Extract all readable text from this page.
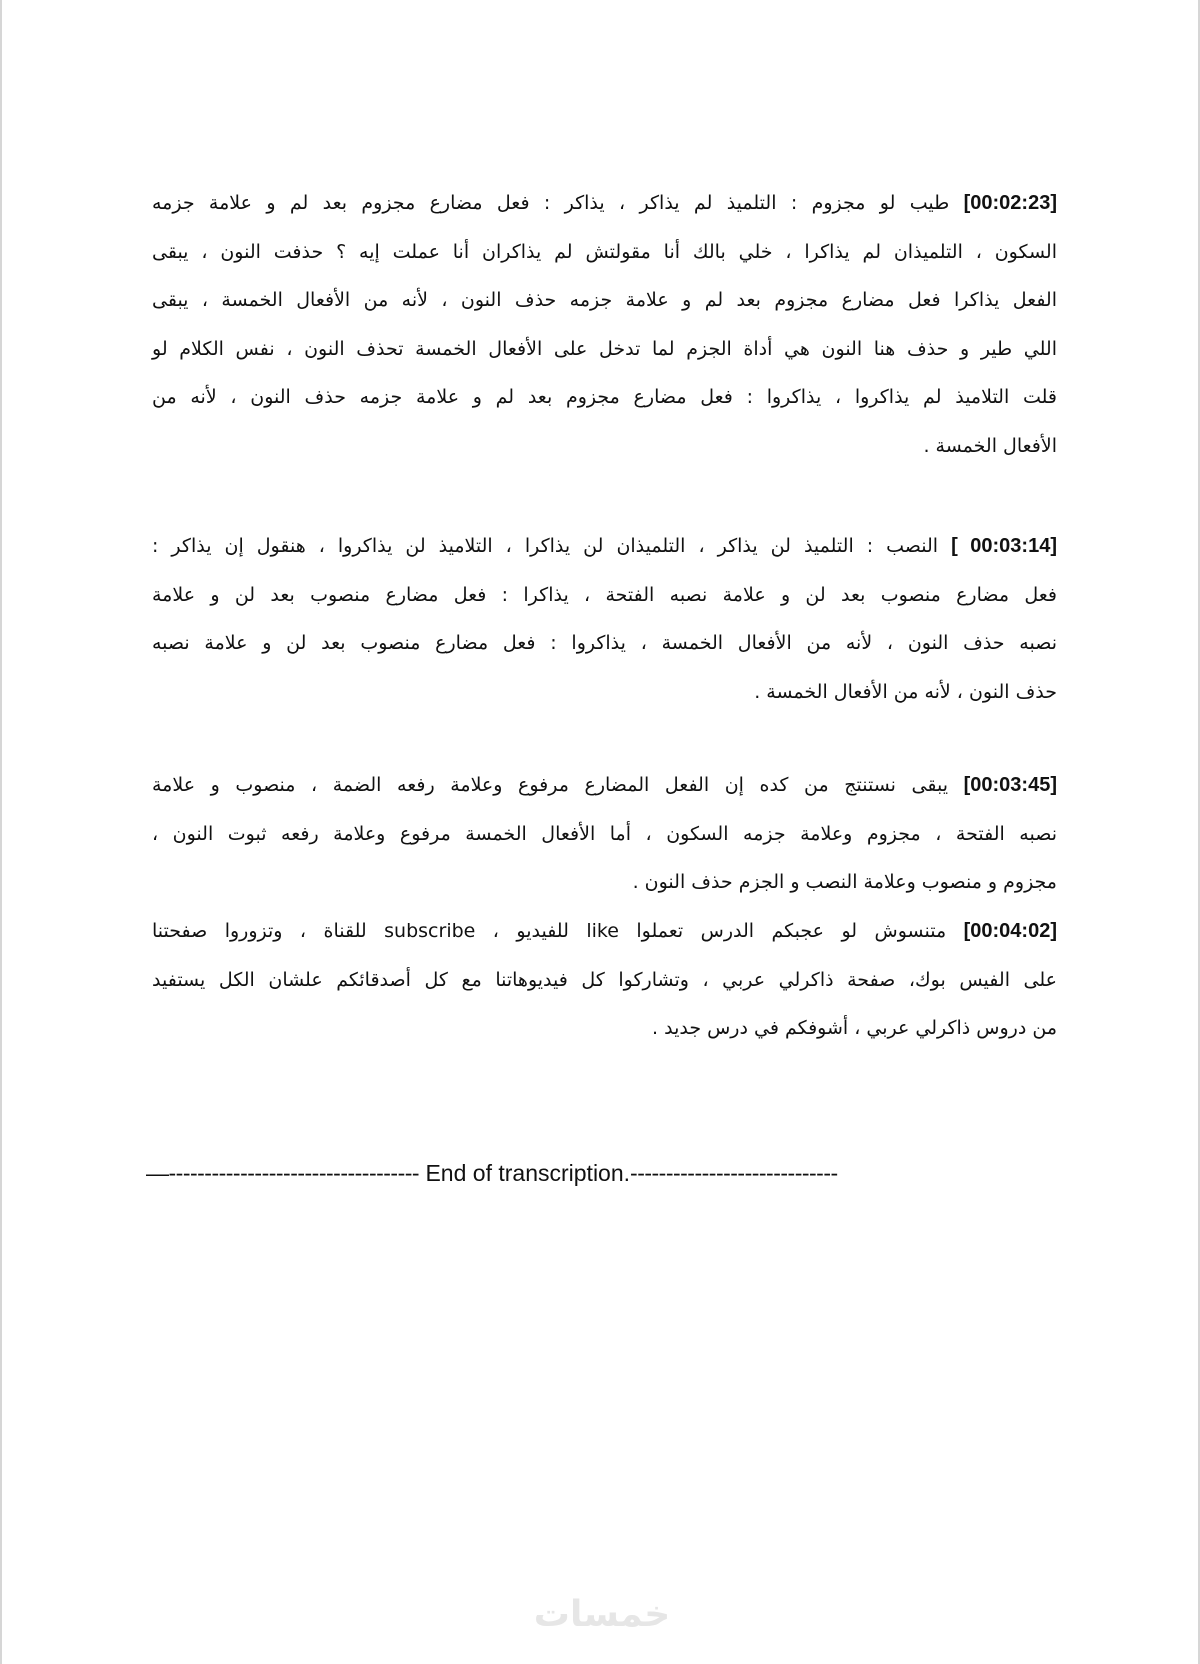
[00:02:23] طيب لو مجزوم : التلميذ لم يذاكر ، يذاكر : فعل مضارع مجزوم بعد لم و علامة جزمه
السكون ، التلميذان لم يذاكرا ، خلي بالك أنا مقولتش لم يذاكران أنا عملت إيه ؟ حذفت النون ، يبقى
الفعل يذاكرا فعل مضارع مجزوم بعد لم و علامة جزمه حذف النون ، لأنه من الأفعال الخمسة ، يبقى
اللي طير و حذف هنا النون هي أداة الجزم لما تدخل على الأفعال الخمسة تحذف النون ، نفس الكلام لو
قلت التلاميذ لم يذاكروا ، يذاكروا : فعل مضارع مجزوم بعد لم و علامة جزمه حذف النون ، لأنه من
الأفعال الخمسة .
[ 00:03:14] النصب : التلميذ لن يذاكر ، التلميذان لن يذاكرا ، التلاميذ لن يذاكروا ، هنقول إن يذاكر :
فعل مضارع منصوب بعد لن و علامة نصبه الفتحة ، يذاكرا : فعل مضارع منصوب بعد لن و علامة
نصبه حذف النون ، لأنه من الأفعال الخمسة ، يذاكروا : فعل مضارع منصوب بعد لن و علامة نصبه
حذف النون ، لأنه من الأفعال الخمسة .
[00:03:45] يبقى نستنتج من كده إن الفعل المضارع مرفوع وعلامة رفعه الضمة ، منصوب و علامة
نصبه الفتحة ، مجزوم وعلامة جزمه السكون ، أما الأفعال الخمسة مرفوع وعلامة رفعه ثبوت النون ،
مجزوم و منصوب وعلامة النصب و الجزم حذف النون .
[00:04:02] متنسوش لو عجبكم الدرس تعملوا like للفيديو ، subscribe للقناة ، وتزوروا صفحتنا
على الفيس بوك، صفحة ذاكرلي عربي ، وتشاركوا كل فيديوهاتنا مع كل أصدقائكم علشان الكل يستفيد
من دروس ذاكرلي عربي ، أشوفكم في درس جديد .
—----------------------------------- End of transcription.-----------------------------
خمسات
